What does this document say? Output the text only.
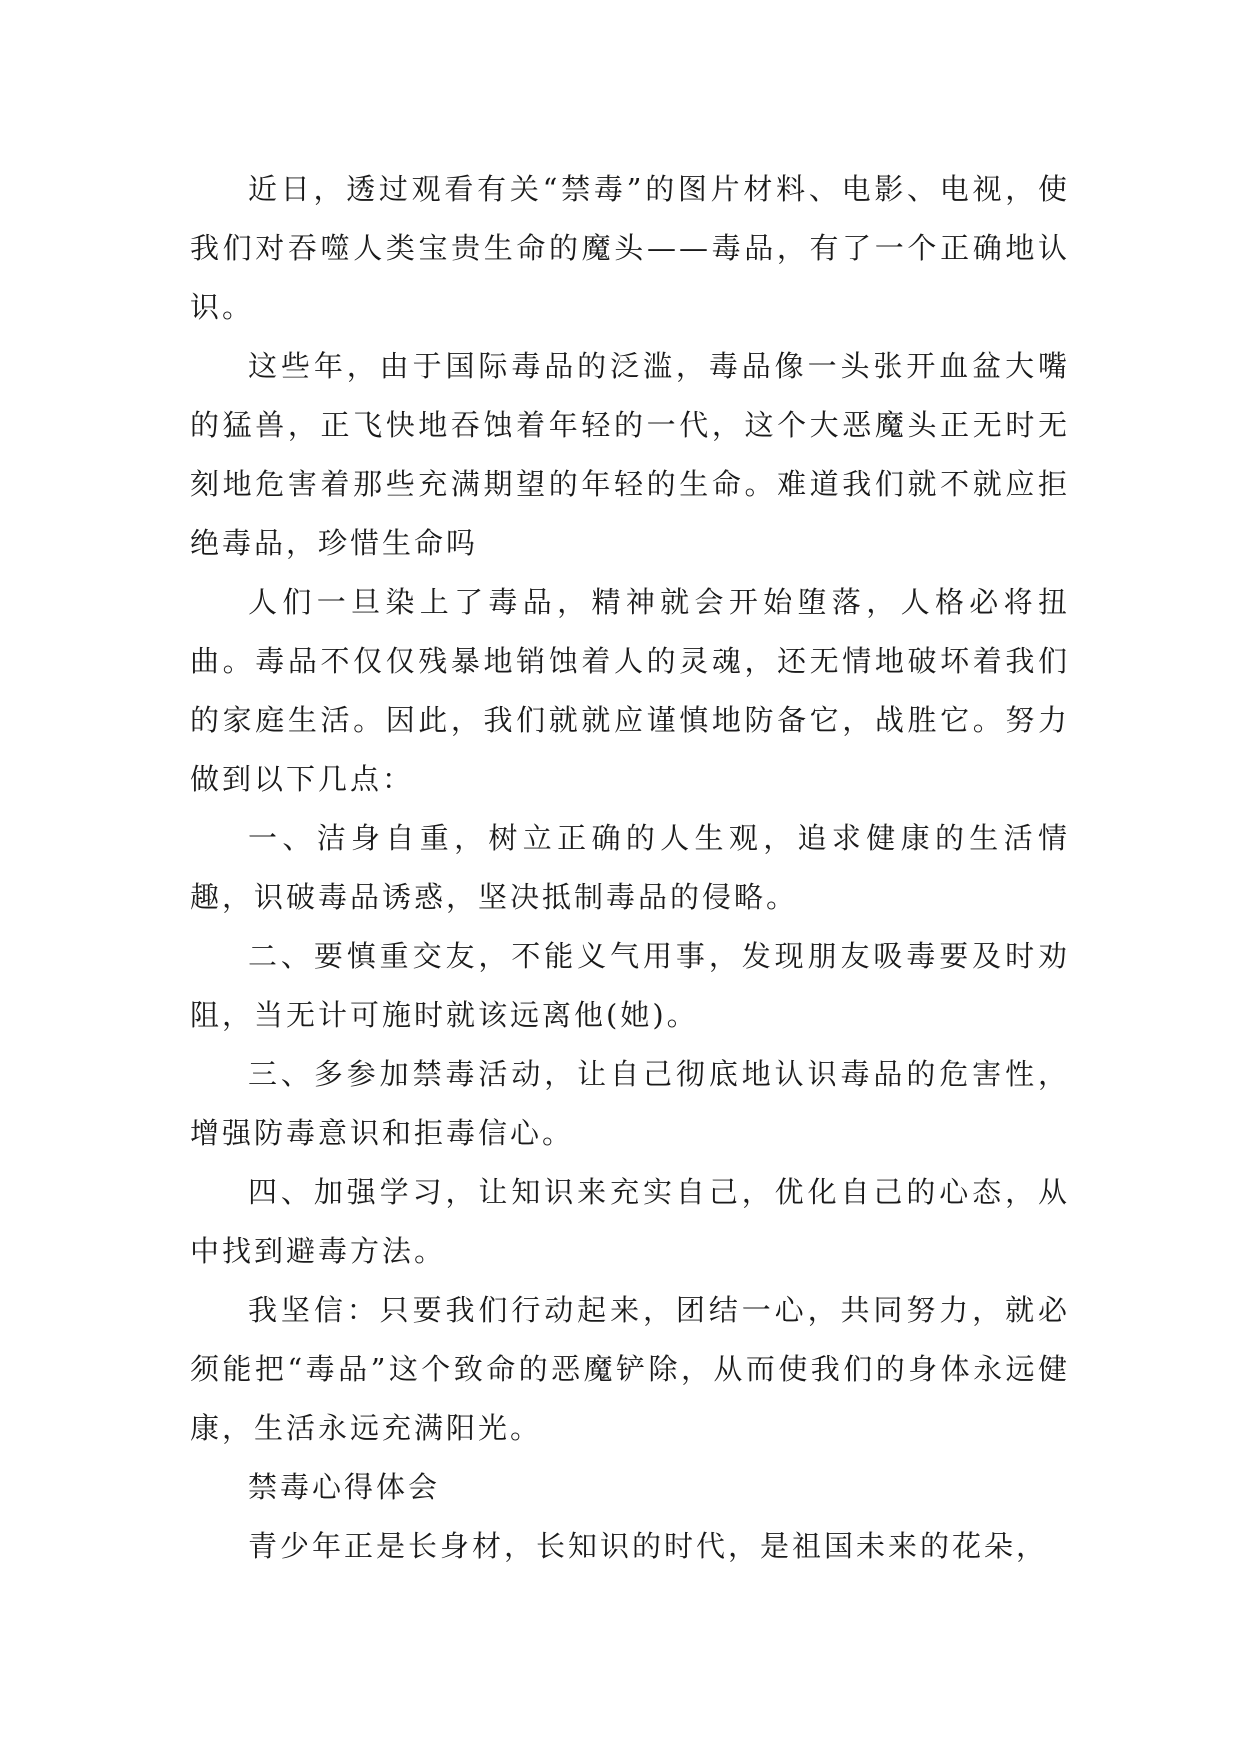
近日，透过观看有关“禁毒”的图片材料、电影、电视，使我们对吞噬人类宝贵生命的魔头——毒品，有了一个正确地认识。

这些年，由于国际毒品的泛滥，毒品像一头张开血盆大嘴的猛兽，正飞快地吞蚀着年轻的一代，这个大恶魔头正无时无刻地危害着那些充满期望的年轻的生命。难道我们就不就应拒绝毒品，珍惜生命吗

人们一旦染上了毒品，精神就会开始堕落，人格必将扭曲。毒品不仅仅残暴地销蚀着人的灵魂，还无情地破坏着我们的家庭生活。因此，我们就就应谨慎地防备它，战胜它。努力做到以下几点：

一、洁身自重，树立正确的人生观，追求健康的生活情趣，识破毒品诱惑，坚决抵制毒品的侵略。

二、要慎重交友，不能义气用事，发现朋友吸毒要及时劝阻，当无计可施时就该远离他(她)。

三、多参加禁毒活动，让自己彻底地认识毒品的危害性，增强防毒意识和拒毒信心。

四、加强学习，让知识来充实自己，优化自己的心态，从中找到避毒方法。

我坚信：只要我们行动起来，团结一心，共同努力，就必须能把“毒品”这个致命的恶魔铲除，从而使我们的身体永远健康，生活永远充满阳光。

禁毒心得体会

青少年正是长身材，长知识的时代，是祖国未来的花朵，
